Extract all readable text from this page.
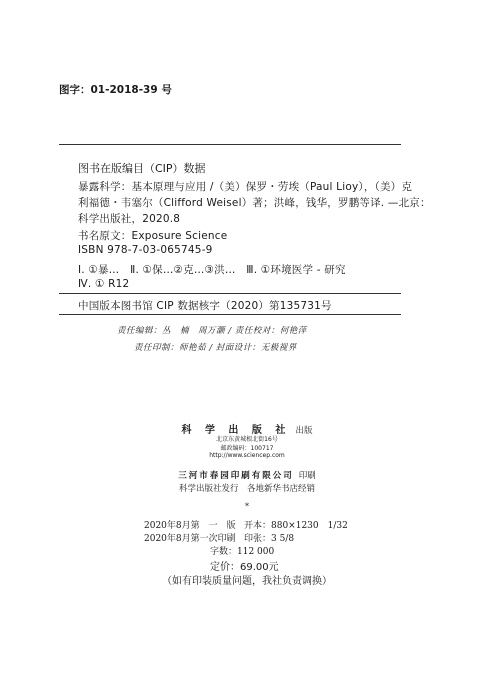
图字：01-2018-39 号
图书在版编目（CIP）数据
暴露科学：基本原理与应用 /（美）保罗・劳埃（Paul Lioy），（美）克
利福德・韦塞尔（Clifford Weisel）著；洪峰，钱华，罗鹏等译. —北京：
科学出版社，2020.8
书名原文：Exposure Science
ISBN 978-7-03-065745-9
Ⅰ. ①暴…　Ⅱ. ①保…②克…③洪…　Ⅲ. ①环境医学 - 研究
Ⅳ. ① R12
中国版本图书馆 CIP 数据核字（2020）第135731号
责任编辑：丛　楠　周万灏 / 责任校对：何艳萍
责任印制：师艳茹 / 封面设计：无极视界
科 学 出 版 社 出版
北京东黄城根北街16号
邮政编码：100717
http://www.sciencep.com
三河市春园印刷有限公司 印刷
科学出版社发行　各地新华书店经销
*
2020年8月第　一　版 开本：880×1230　1/32
2020年8月第一次印刷 印张：3 5/8
字数：112 000
定价：69.00元
（如有印装质量问题，我社负责调换）
